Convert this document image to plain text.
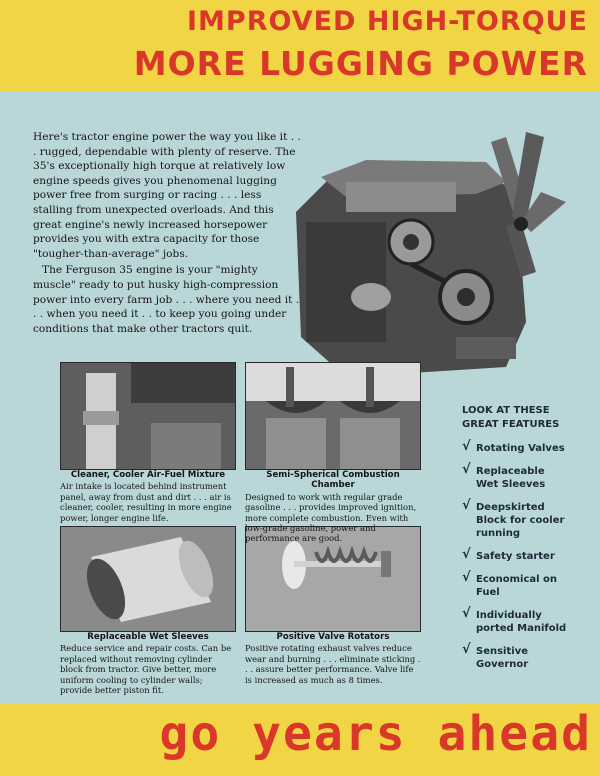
IMPROVED HIGH-TORQUE
MORE LUGGING POWER

Here's tractor engine power the way you like it . . . rugged, dependable with plenty of reserve. The 35's exceptionally high torque at relatively low engine speeds gives you phenomenal lugging power free from surging or racing . . . less stalling from unexpected overloads. And this great engine's newly increased horsepower provides you with extra capacity for those "tougher-than-average" jobs.

The Ferguson 35 engine is your "mighty muscle" ready to put husky high-compression power into every farm job . . . where you need it . . . when you need it . . to keep you going under conditions that make other tractors quit.

Cleaner, Cooler Air-Fuel Mixture
Air intake is located behind instrument panel, away from dust and dirt . . . air is cleaner, cooler, resulting in more engine power, longer engine life.
Semi-Spherical Combustion Chamber
Designed to work with regular grade gasoline . . . provides improved ignition, more complete combustion. Even with low-grade gasoline, power and performance are good.
Replaceable Wet Sleeves
Reduce service and repair costs. Can be replaced without removing cylinder block from tractor. Give better, more uniform cooling to cylinder walls; provide better piston fit.
Positive Valve Rotators
Positive rotating exhaust valves reduce wear and burning . . . eliminate sticking . . . assure better performance. Valve life is increased as much as 8 times.
LOOK AT THESE
GREAT FEATURES
√ Rotating Valves
√ Replaceable
Wet Sleeves
√ Deepskirted
Block for cooler running
√ Safety starter
√ Economical on
Fuel
√ Individually
ported Manifold
√ Sensitive
Governor
go years ahead
